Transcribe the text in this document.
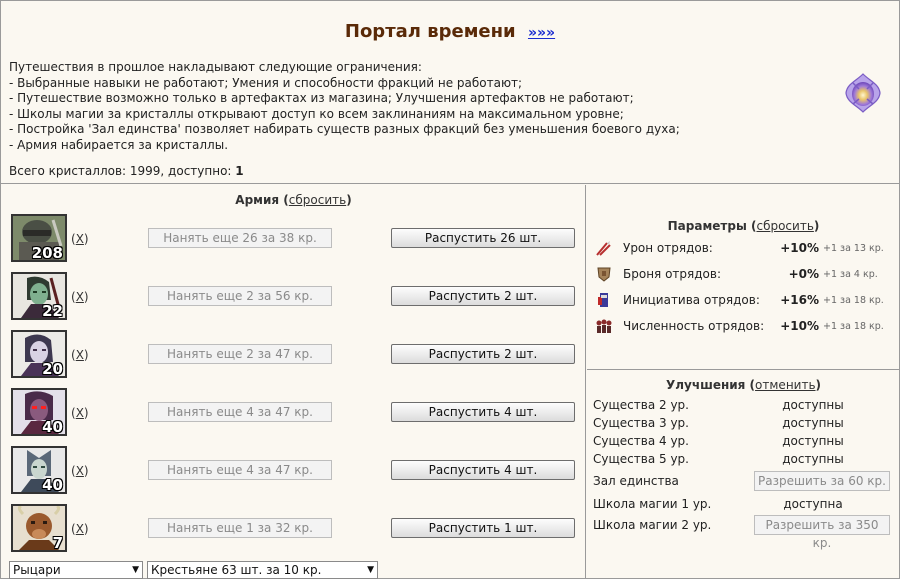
Портал времени »»»
Путешествия в прошлое накладывают следующие ограничения:
- Выбранные навыки не работают; Умения и способности фракций не работают;
- Путешествие возможно только в артефактах из магазина; Улучшения артефактов не работают;
- Школы магии за кристаллы открывают доступ ко всем заклинаниям на максимальном уровне;
- Постройка 'Зал единства' позволяет набирать существ разных фракций без уменьшения боевого духа;
- Армия набирается за кристаллы.
Всего кристаллов: 1999, доступно: 1
Армия (сбросить)
208
(X)	Нанять еще 26 за 38 кр.	Распустить 26 шт.
22
(X)	Нанять еще 2 за 56 кр.	Распустить 2 шт.
20
(X)	Нанять еще 2 за 47 кр.	Распустить 2 шт.
40
(X)	Нанять еще 4 за 47 кр.	Распустить 4 шт.
40
(X)	Нанять еще 4 за 47 кр.	Распустить 4 шт.
7
(X)	Нанять еще 1 за 32 кр.	Распустить 1 шт.
Рыцари	▼	Крестьяне 63 шт. за 10 кр.	▼
Параметры (сбросить)
Урон отрядов:	+10% +1 за 13 кр.
Броня отрядов:	+0% +1 за 4 кр.
Инициатива отрядов:	+16% +1 за 18 кр.
Численность отрядов:	+10% +1 за 18 кр.
Улучшения (отменить)
Существа 2 ур.	доступны
Существа 3 ур.	доступны
Существа 4 ур.	доступны
Существа 5 ур.	доступны
Зал единства	Разрешить за 60 кр.
Школа магии 1 ур.	доступна
Школа магии 2 ур.	Разрешить за 350 кр.
